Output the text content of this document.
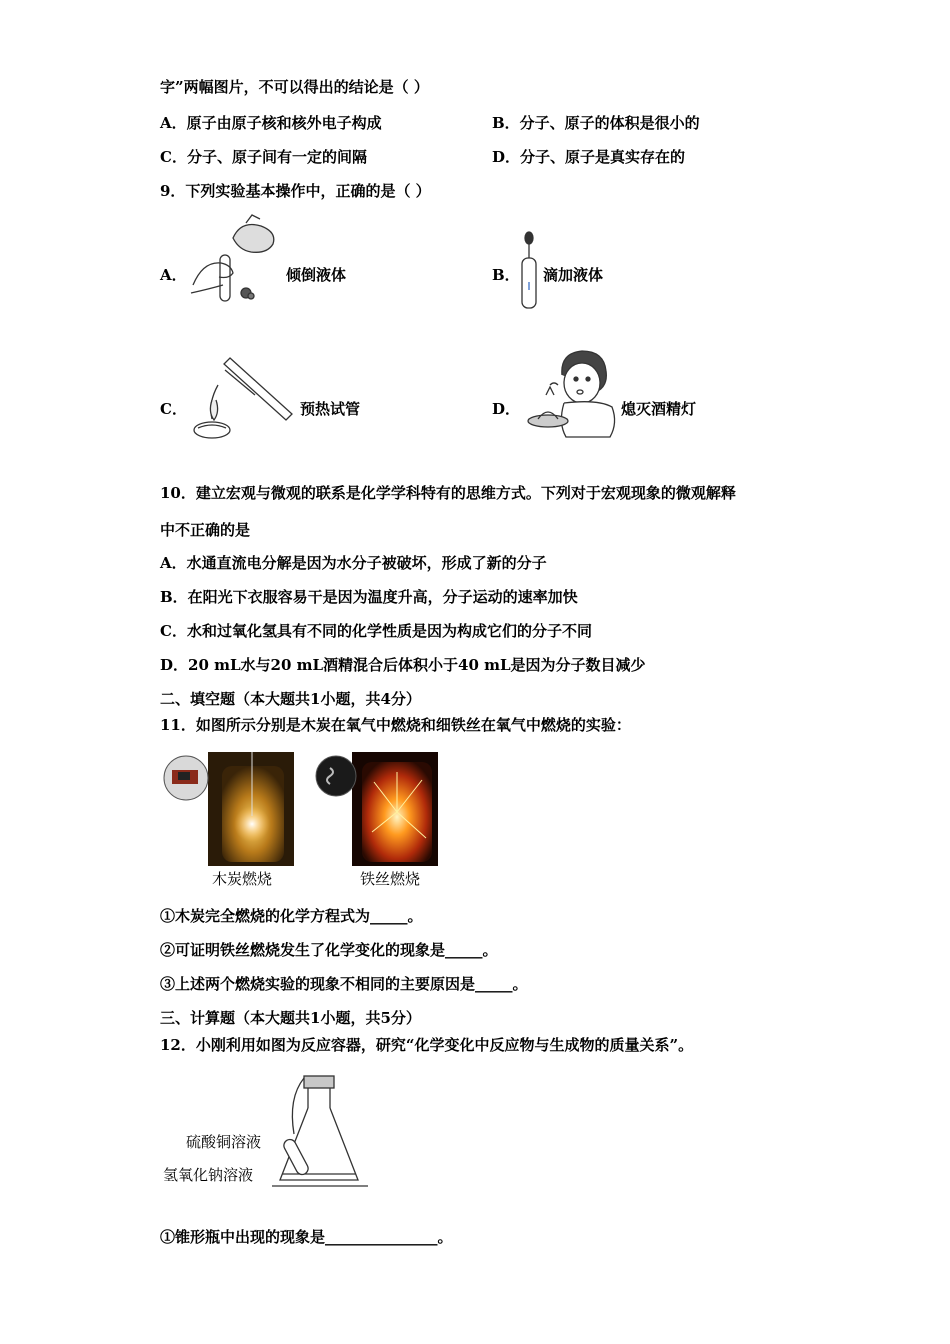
字”两幅图片，不可以得出的结论是（ ）
A．原子由原子核和核外电子构成	B．分子、原子的体积是很小的
C．分子、原子间有一定的间隔	D．分子、原子是真实存在的
9．下列实验基本操作中，正确的是（ ）
A．	倾倒液体	B． 滴加液体
C．	预热试管	D．	熄灭酒精灯
10．建立宏观与微观的联系是化学学科特有的思维方式。下列对于宏观现象的微观解释
中不正确的是
A．水通直流电分解是因为水分子被破坏，形成了新的分子
B．在阳光下衣服容易干是因为温度升高，分子运动的速率加快
C．水和过氧化氢具有不同的化学性质是因为构成它们的分子不同
D．20 mL水与20 mL酒精混合后体积小于40 mL是因为分子数目减少
二、填空题（本大题共1小题，共4分）
11．如图所示分别是木炭在氧气中燃烧和细铁丝在氧气中燃烧的实验：
木炭燃烧	铁丝燃烧
①木炭完全燃烧的化学方程式为_____。
②可证明铁丝燃烧发生了化学变化的现象是_____。
③上述两个燃烧实验的现象不相同的主要原因是_____。
三、计算题（本大题共1小题，共5分）
12．小刚利用如图为反应容器，研究“化学变化中反应物与生成物的质量关系”。
硫酸铜溶液
氢氧化钠溶液
①锥形瓶中出现的现象是_______________。
